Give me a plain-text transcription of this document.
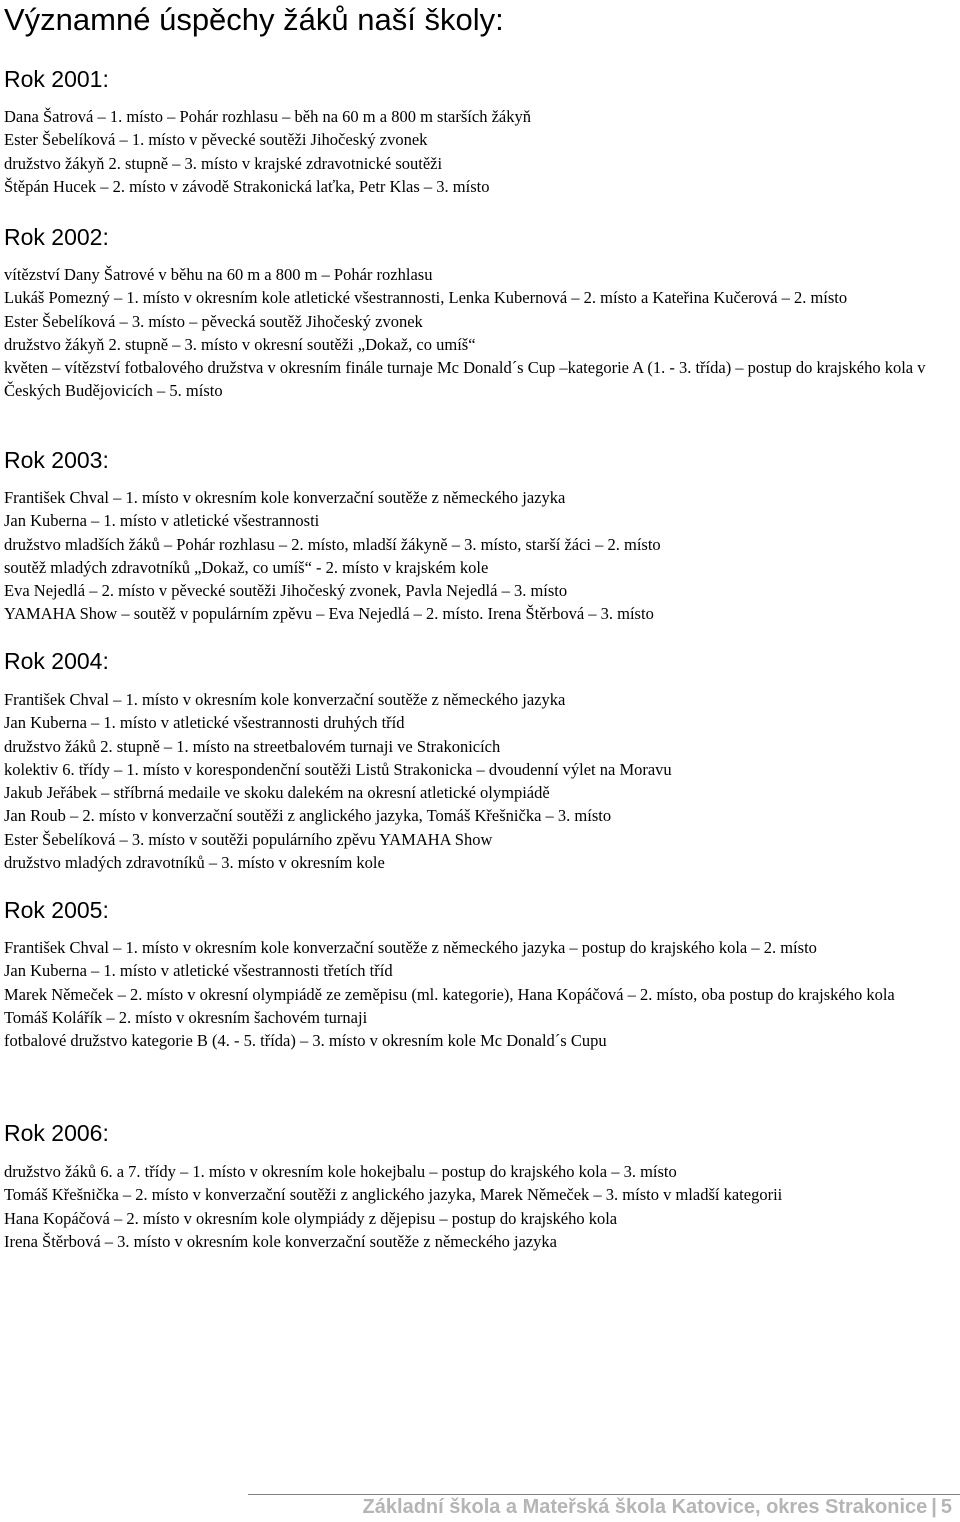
Významné úspěchy žáků naší školy:
Rok 2001:
Dana Šatrová – 1. místo – Pohár rozhlasu – běh na 60 m a 800 m starších žákyň
Ester Šebelíková – 1. místo v pěvecké soutěži Jihočeský zvonek
družstvo žákyň 2. stupně – 3. místo v krajské zdravotnické soutěži
Štěpán Hucek – 2. místo v závodě Strakonická laťka, Petr Klas – 3. místo
Rok 2002:
vítězství Dany Šatrové v běhu na 60 m a 800 m – Pohár rozhlasu
Lukáš Pomezný – 1. místo v okresním kole atletické všestrannosti, Lenka Kubernová – 2. místo a Kateřina Kučerová – 2. místo
Ester Šebelíková – 3. místo – pěvecká soutěž Jihočeský zvonek
družstvo žákyň 2. stupně – 3. místo v okresní soutěži „Dokaž, co umíš“
květen – vítězství fotbalového družstva v okresním finále turnaje Mc Donald´s Cup –kategorie A (1. - 3. třída) – postup do krajského kola v Českých Budějovicích – 5. místo
Rok 2003:
František Chval – 1. místo v okresním kole konverzační soutěže z německého jazyka
Jan Kuberna – 1. místo v atletické všestrannosti
družstvo mladších žáků – Pohár rozhlasu – 2. místo, mladší žákyně – 3. místo, starší žáci – 2. místo
soutěž mladých zdravotníků „Dokaž, co umíš“ - 2. místo v krajském kole
Eva Nejedlá – 2. místo v pěvecké soutěži Jihočeský zvonek, Pavla Nejedlá – 3. místo
YAMAHA Show – soutěž v populárním zpěvu – Eva Nejedlá – 2. místo. Irena Štěrbová – 3. místo
Rok 2004:
František Chval – 1. místo v okresním kole konverzační soutěže z německého jazyka
Jan Kuberna – 1. místo v atletické všestrannosti druhých tříd
družstvo žáků 2. stupně – 1. místo na streetbalovém turnaji ve Strakonicích
kolektiv 6. třídy – 1. místo v korespondenční soutěži Listů Strakonicka – dvoudenní výlet na Moravu
Jakub Jeřábek – stříbrná medaile ve skoku dalekém na okresní atletické olympiádě
Jan Roub – 2. místo v konverzační soutěži z anglického jazyka, Tomáš Křešnička – 3. místo
Ester Šebelíková – 3. místo v soutěži populárního zpěvu YAMAHA Show
družstvo mladých zdravotníků – 3. místo v okresním kole
Rok 2005:
František Chval – 1. místo v okresním kole konverzační soutěže z německého jazyka – postup do krajského kola – 2. místo
Jan Kuberna – 1. místo v atletické všestrannosti třetích tříd
Marek Němeček – 2. místo v okresní olympiádě ze zeměpisu (ml. kategorie), Hana Kopáčová – 2. místo, oba postup do krajského kola
Tomáš Kolářík – 2. místo v okresním šachovém turnaji
fotbalové družstvo kategorie B (4. - 5. třída) – 3. místo v okresním kole Mc Donald´s Cupu
Rok 2006:
družstvo žáků 6. a 7. třídy – 1. místo v okresním kole hokejbalu – postup do krajského kola – 3. místo
Tomáš Křešnička – 2. místo v konverzační soutěži z anglického jazyka, Marek Němeček – 3. místo v mladší kategorii
Hana Kopáčová – 2. místo v okresním kole olympiády z dějepisu – postup do krajského kola
Irena Štěrbová – 3. místo v okresním kole konverzační soutěže z německého jazyka
Základní škola a Mateřská škola Katovice, okres Strakonice | 5
